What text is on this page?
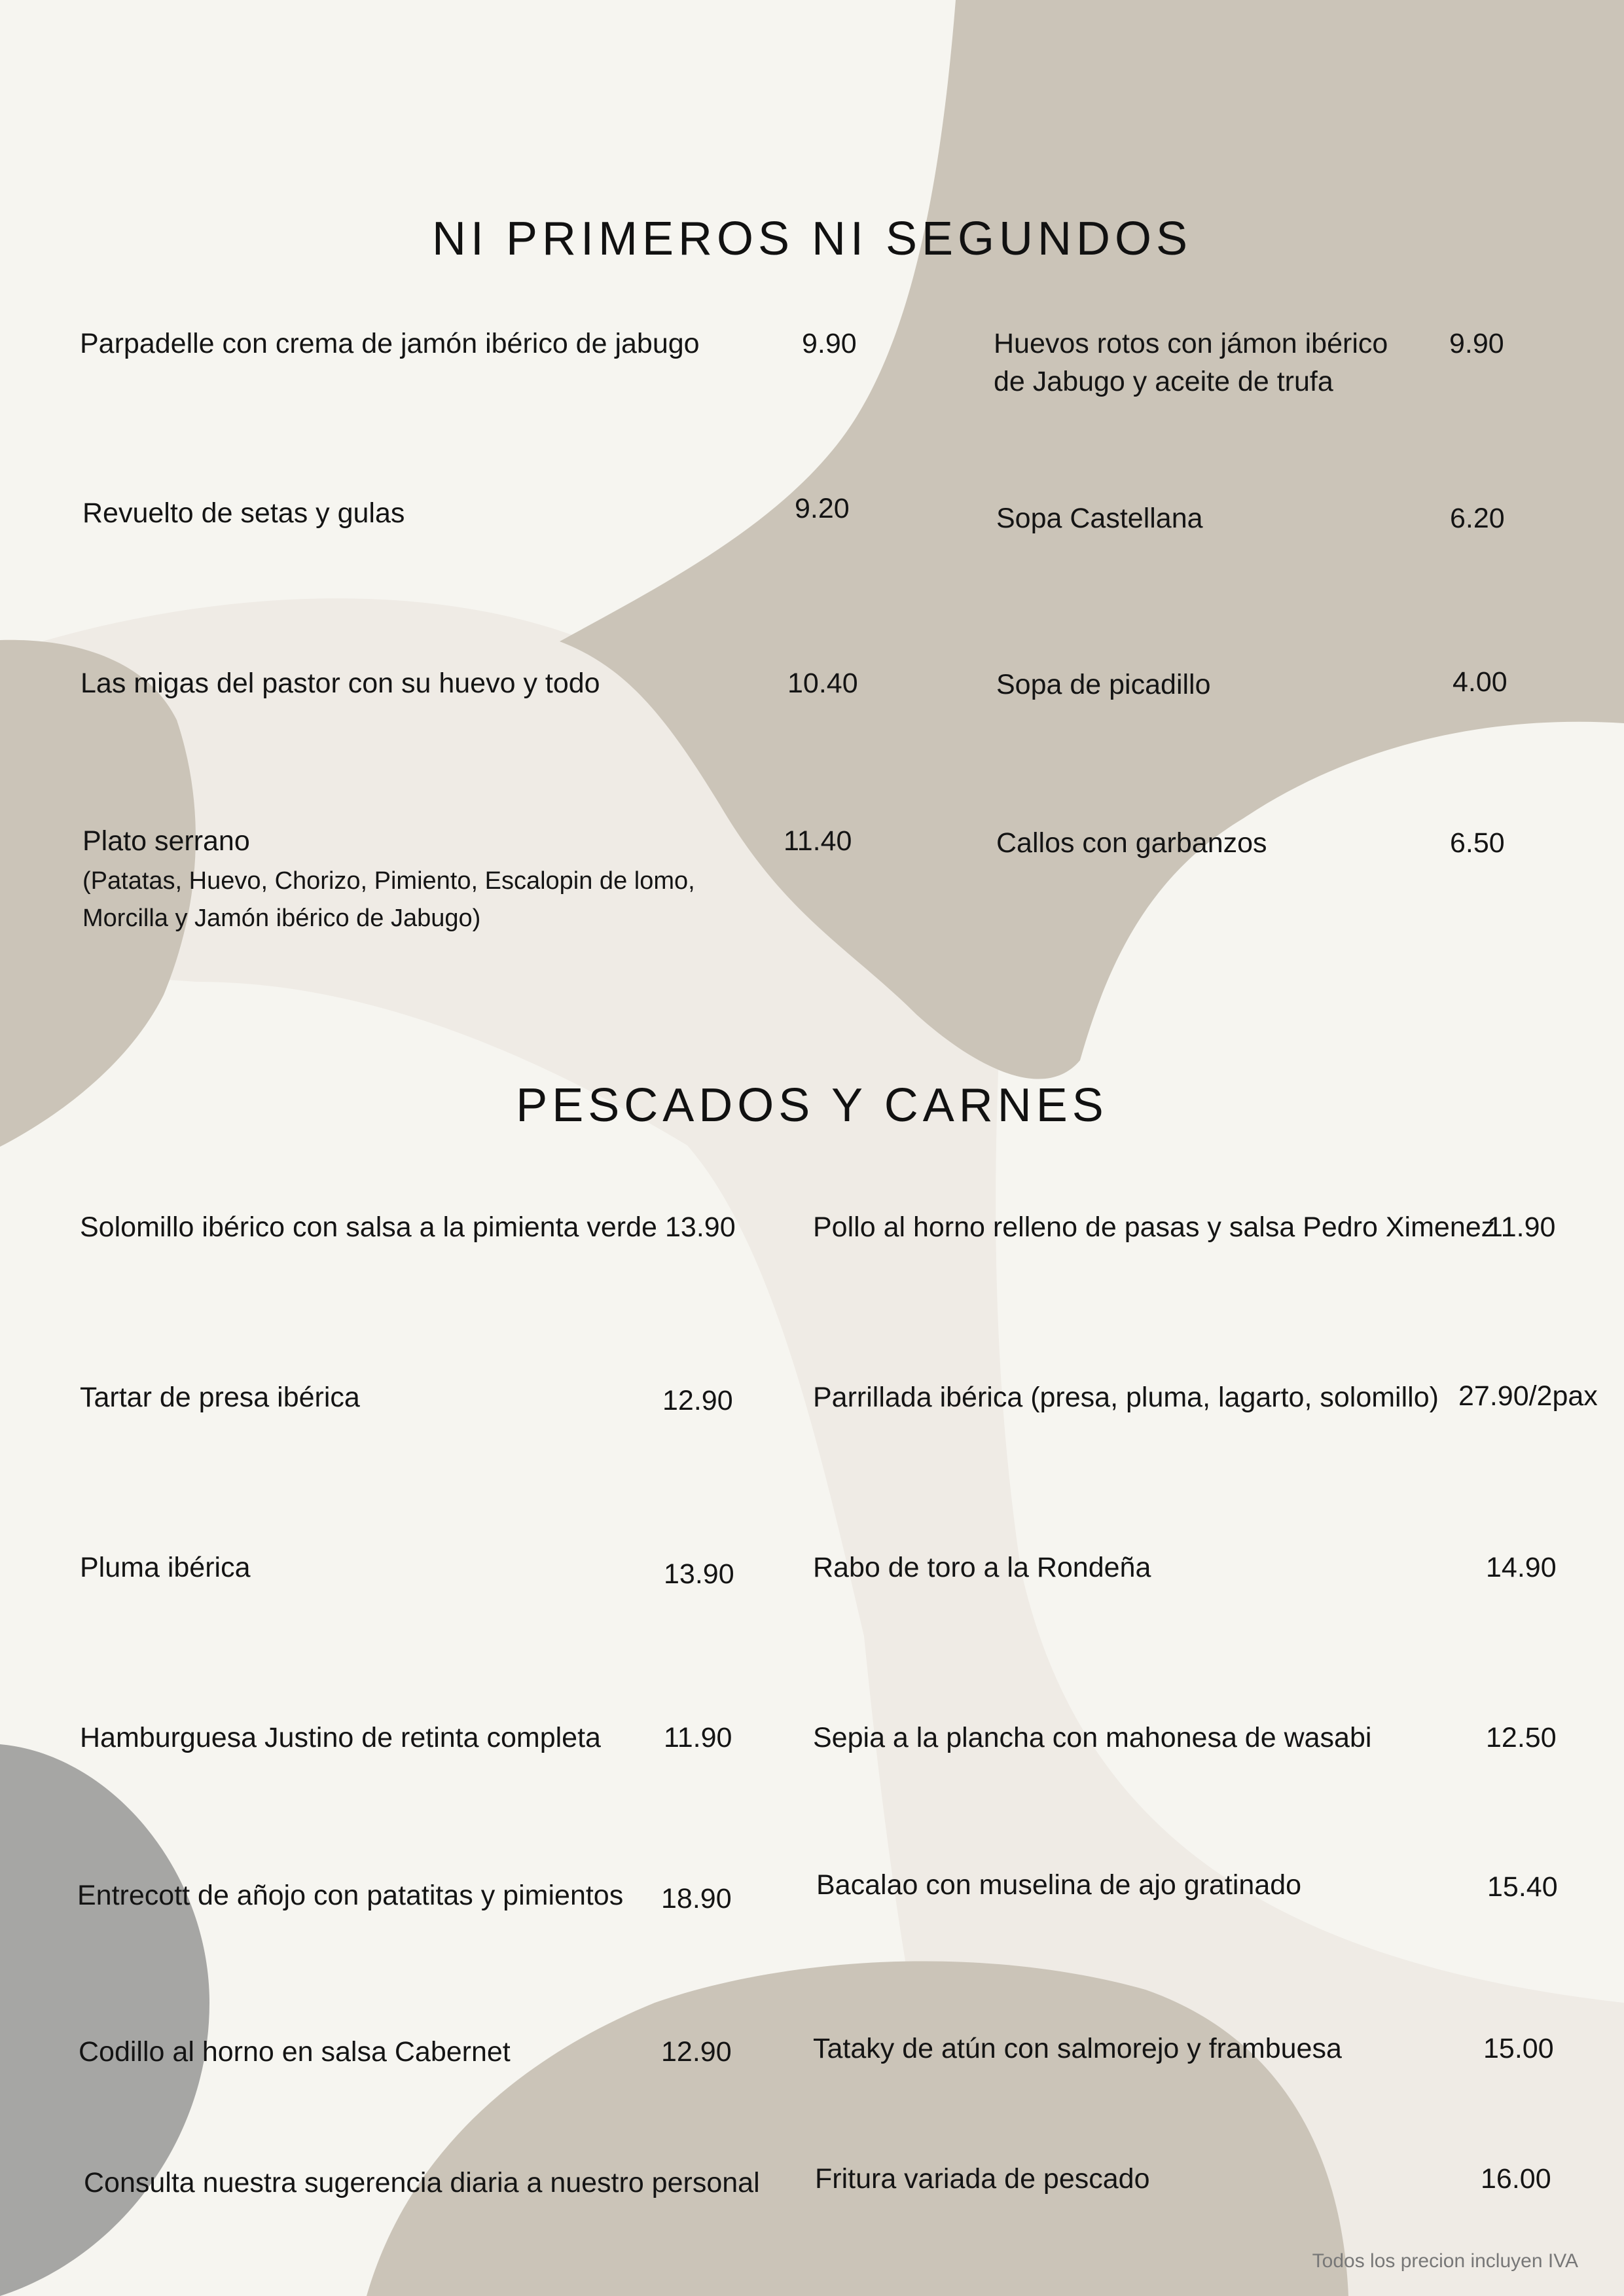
NI PRIMEROS NI SEGUNDOS
Parpadelle con crema de jamón ibérico de jabugo	9.90
Revuelto de setas y gulas	9.20
Las migas del pastor con su huevo y todo	10.40
Plato serrano	11.40
(Patatas, Huevo, Chorizo, Pimiento, Escalopin de lomo,
Morcilla y Jamón ibérico de Jabugo)
Huevos rotos con jámon ibérico
de Jabugo y aceite de trufa
9.90
Sopa Castellana	6.20
Sopa de picadillo	4.00
Callos con garbanzos	6.50
PESCADOS Y CARNES
Solomillo ibérico con salsa a la pimienta verde 13.90
Tartar de presa ibérica	12.90
Pluma ibérica	13.90
Hamburguesa Justino de retinta completa 11.90
Entrecott de añojo con patatitas y pimientos 18.90
Codillo al horno en salsa Cabernet	12.90
Consulta nuestra sugerencia diaria a nuestro personal
Pollo al horno relleno de pasas y salsa Pedro Ximenez
11.90
Parrillada ibérica (presa, pluma, lagarto, solomillo) 27.90/2pax
Rabo de toro a la Rondeña	14.90
Sepia a la plancha con mahonesa de wasabi	12.50
Bacalao con muselina de ajo gratinado	15.40
Tataky de atún con salmorejo y frambuesa	15.00
Fritura variada de pescado	16.00
Todos los precion incluyen IVA
